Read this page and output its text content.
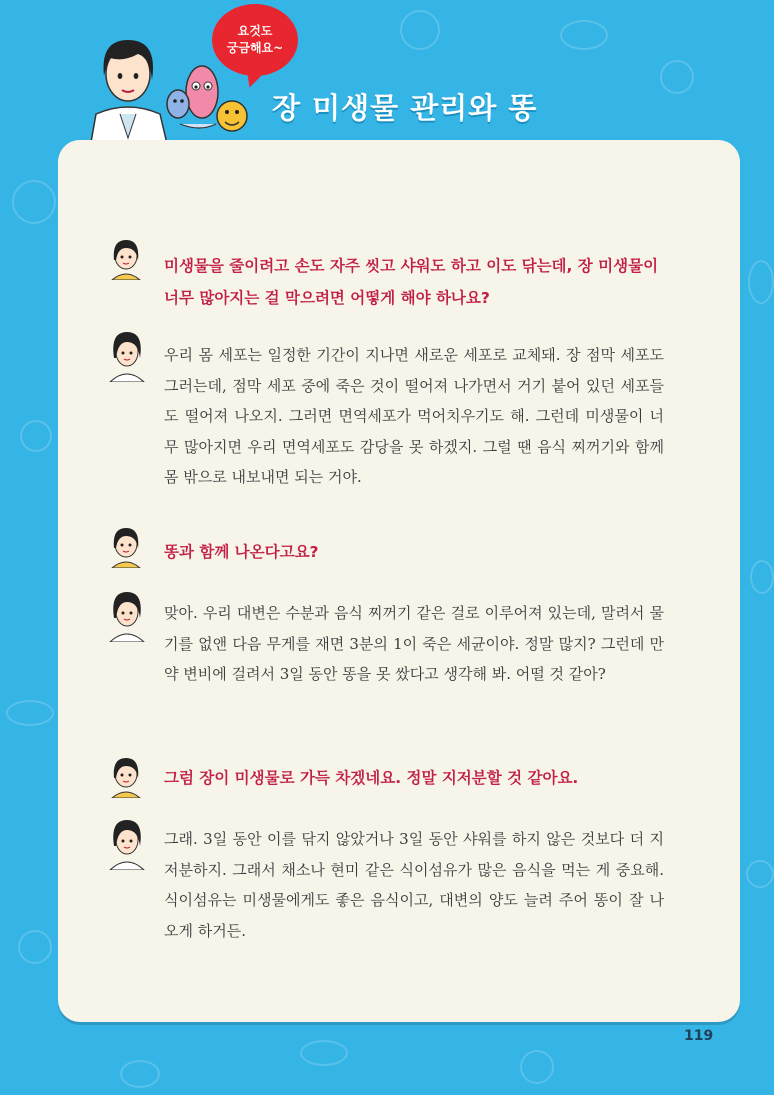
요것도
궁금해요~
장 미생물 관리와 똥
미생물을 줄이려고 손도 자주 씻고 샤워도 하고 이도 닦는데, 장 미생물이 너무 많아지는 걸 막으려면 어떻게 해야 하나요?
우리 몸 세포는 일정한 기간이 지나면 새로운 세포로 교체돼. 장 점막 세포도 그러는데, 점막 세포 중에 죽은 것이 떨어져 나가면서 거기 붙어 있던 세포들도 떨어져 나오지. 그러면 면역세포가 먹어치우기도 해. 그런데 미생물이 너무 많아지면 우리 면역세포도 감당을 못 하겠지. 그럴 땐 음식 찌꺼기와 함께 몸 밖으로 내보내면 되는 거야.
똥과 함께 나온다고요?
맞아. 우리 대변은 수분과 음식 찌꺼기 같은 걸로 이루어져 있는데, 말려서 물기를 없앤 다음 무게를 재면 3분의 1이 죽은 세균이야. 정말 많지? 그런데 만약 변비에 걸려서 3일 동안 똥을 못 쌌다고 생각해 봐. 어떨 것 같아?
그럼 장이 미생물로 가득 차겠네요. 정말 지저분할 것 같아요.
그래. 3일 동안 이를 닦지 않았거나 3일 동안 샤워를 하지 않은 것보다 더 지저분하지. 그래서 채소나 현미 같은 식이섬유가 많은 음식을 먹는 게 중요해. 식이섬유는 미생물에게도 좋은 음식이고, 대변의 양도 늘려 주어 똥이 잘 나오게 하거든.
119
